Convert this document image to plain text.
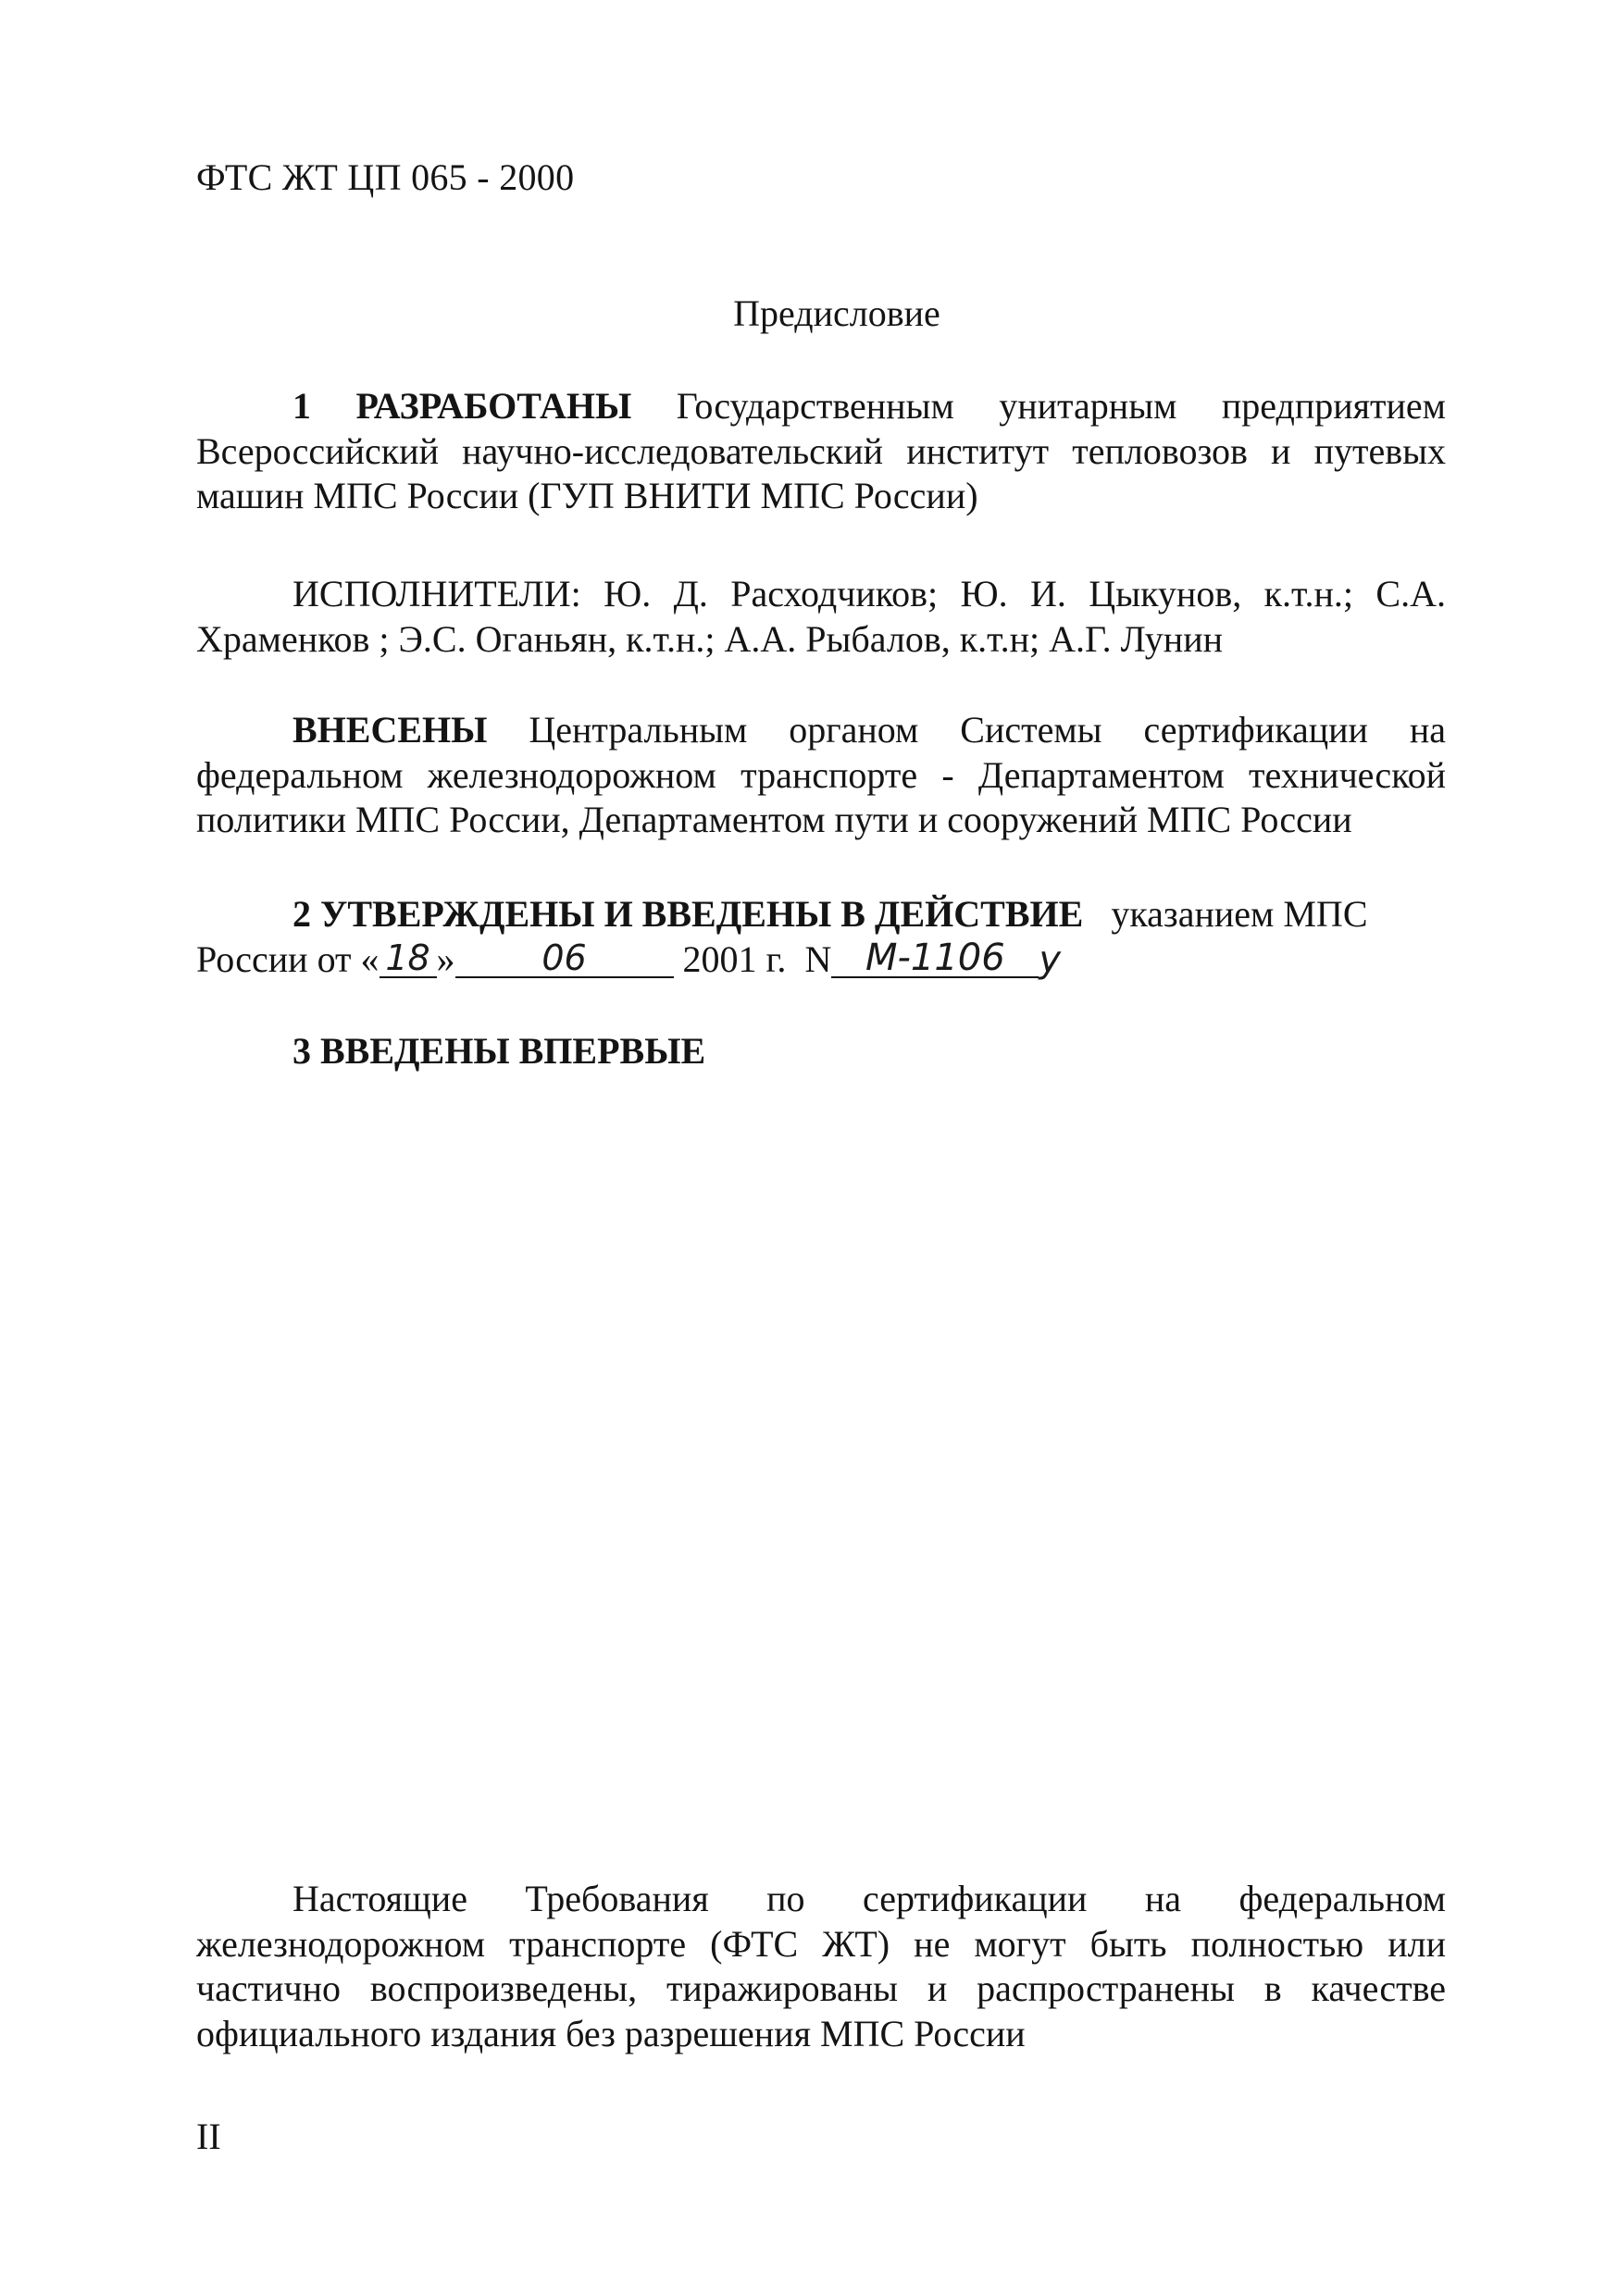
ФТС ЖТ ЦП 065 - 2000
Предисловие
1 РАЗРАБОТАНЫ Государственным унитарным предприятием Всероссийский научно-исследовательский институт тепловозов и путевых машин МПС России (ГУП ВНИТИ МПС России)
ИСПОЛНИТЕЛИ: Ю. Д. Расходчиков; Ю. И. Цыкунов, к.т.н.; С.А. Храменков ; Э.С. Оганьян, к.т.н.; А.А. Рыбалов, к.т.н; А.Г. Лунин
ВНЕСЕНЫ Центральным органом Системы сертификации на федеральном железнодорожном транспорте - Департаментом технической политики МПС России, Департаментом пути и сооружений МПС России
2 УТВЕРЖДЕНЫ И ВВЕДЕНЫ В ДЕЙСТВИЕ указанием МПС
России от « 18 » 06	2001 г. N М-1106 у
3 ВВЕДЕНЫ ВПЕРВЫЕ
Настоящие Требования по сертификации на федеральном железнодорожном транспорте (ФТС ЖТ) не могут быть полностью или частично воспроизведены, тиражированы и распространены в качестве официального издания без разрешения МПС России
II
